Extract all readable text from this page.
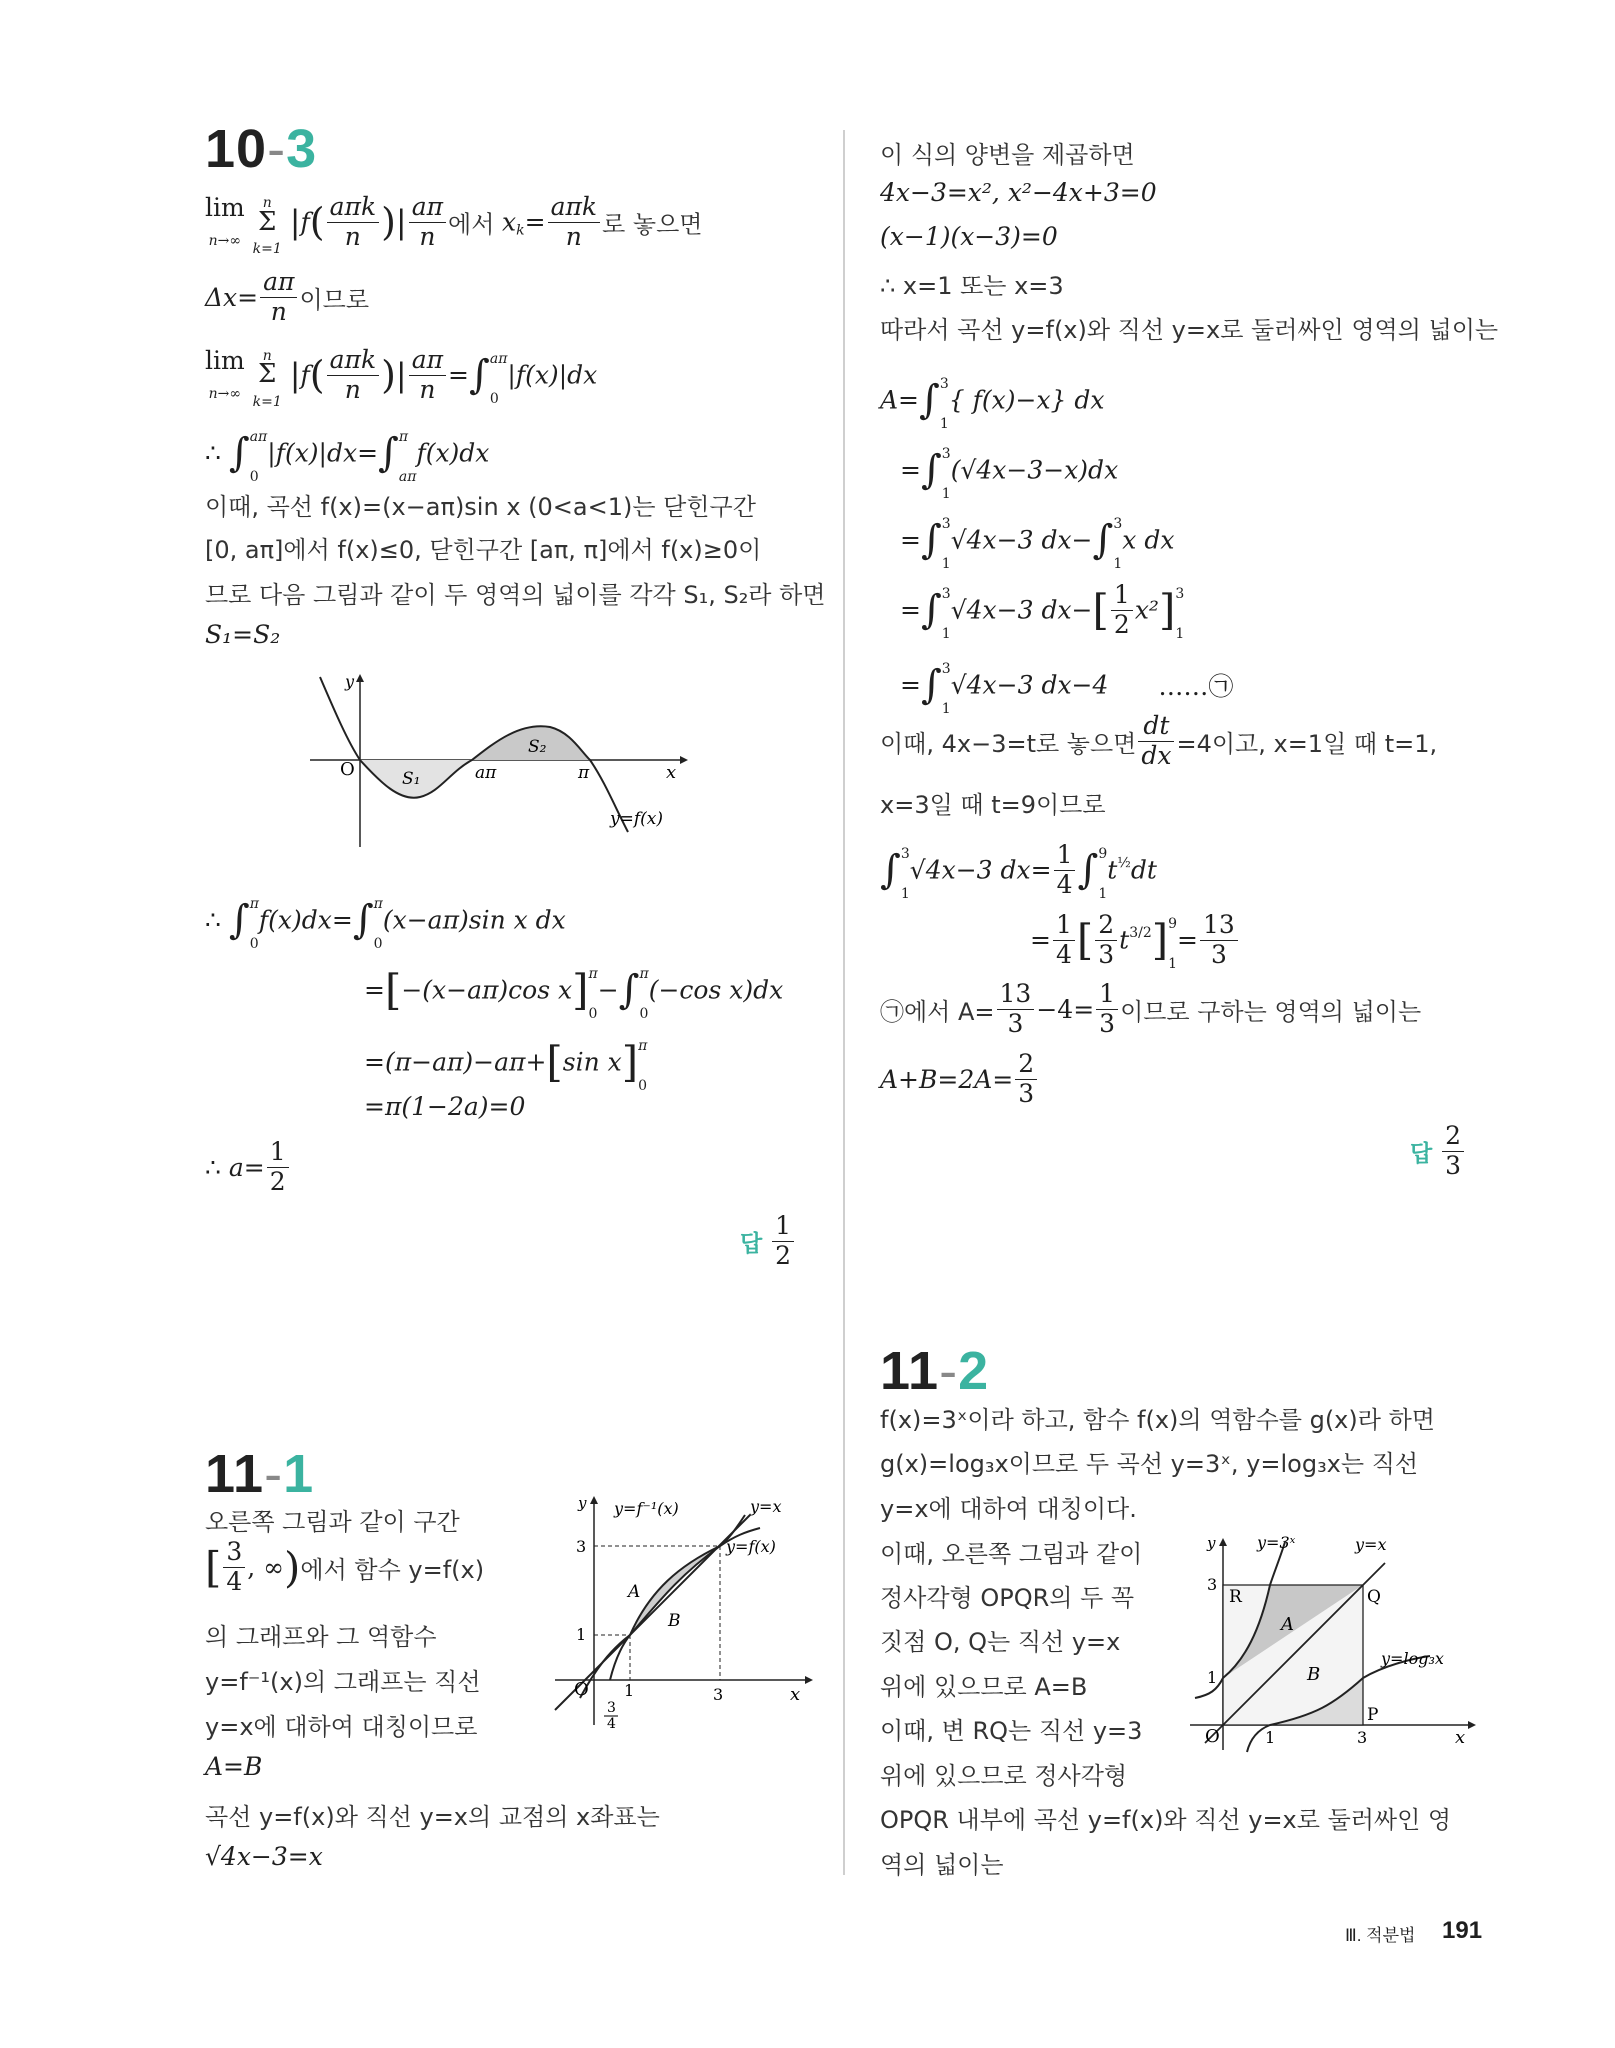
10-3
lim
n→∞ n
Σ
k=1 $|f( \frac{\text{aπk}}{n}$ )| $\frac{a\pi}{n}$ 에서 $x_k= \frac{\text{aπk}}{n}$ 로 놓으면
$\Delta x= \frac{a\pi}{n}$ 이므로
lim
n→∞ n
Σ
k=1 $|f( \frac{\text{aπk}}{n}$ )| $\frac{a\pi}{n} =\int a\pi$
0|f(x)|dx
∴ ∫aπ
0|f(x)|dx=∫π
aπf(x)dx
이때, 곡선 f(x)=(x−aπ)sin x (0<a<1)는 닫힌구간
[0, aπ]에서 f(x)≤0, 닫힌구간 [aπ, π]에서 f(x)≥0이
므로 다음 그림과 같이 두 영역의 넓이를 각각 S₁, S₂라 하면
S₁=S₂
O
y
x
S₁
S₂
aπ	π
y=f(x)
∴ ∫π
0f(x)dx=∫π
0(x−aπ)sin x dx
=[−(x−aπ)cos x]π
0−∫π
0(−cos x)dx
=(π−aπ)−aπ+[sin x]π
0
=π(1−2a)=0
∴ $a= \frac{1}{2}$
답 $\frac{1}{2}$
11-1
오른쪽 그림과 같이 구간
[ $\frac{3}{4}$ , ∞)에서 함수 y=f(x)
의 그래프와 그 역함수
y=f⁻¹(x)의 그래프는 직선
y=x에 대하여 대칭이므로
A=B
곡선 y=f(x)와 직선 y=x의 교점의 x좌표는
√4x−3=x
O 1	3
1
3
y
x
y=f⁻¹(x)	y=x
y=f(x)
A
B
3
4
이 식의 양변을 제곱하면
4x−3=x², x²−4x+3=0
(x−1)(x−3)=0
∴ x=1 또는 x=3
따라서 곡선 y=f(x)와 직선 y=x로 둘러싸인 영역의 넓이는
A=∫3
1{ f(x)−x} dx
=∫3
1(√4x−3−x)dx
=∫3
1√4x−3 dx−∫3
1x dx
=∫3
1√4x−3 $dx-[ \frac{1}{2} x^2]3$
1
=∫3
1√4x−3 dx−4 ……㉠
이때, 4x−3=t로 놓으면 $\frac{dt}{dx} =4$이고, x=1일 때 t=1,
x=3일 때 t=9이므로
∫3
1√4x−3 $dx= \frac{1}{4} \int 9$
$1t^{\frac{1}{2}}dt$
= $\frac{1}{4}$ [ $\frac{2}{3} t^{3/2}]9$
$1= \frac{13}{3}$
㉠에서 $A= \frac{13}{3} -4= \frac{1}{3}$ 이므로 구하는 영역의 넓이는
$A+B=2A= \frac{2}{3}$
답 $\frac{2}{3}$
11-2
f(x)=3ˣ이라 하고, 함수 f(x)의 역함수를 g(x)라 하면
g(x)=log₃x이므로 두 곡선 y=3ˣ, y=log₃x는 직선
y=x에 대하여 대칭이다.
이때, 오른쪽 그림과 같이
정사각형 OPQR의 두 꼭
짓점 O, Q는 직선 y=x
위에 있으므로 A=B
이때, 변 RQ는 직선 y=3
위에 있으므로 정사각형
OPQR 내부에 곡선 y=f(x)와 직선 y=x로 둘러싸인 영
역의 넓이는
O	1	3
1
3
y
x
y=3ˣ	y=x
y=log₃x
R	Q
P
A
B
Ⅲ. 적분법 191
